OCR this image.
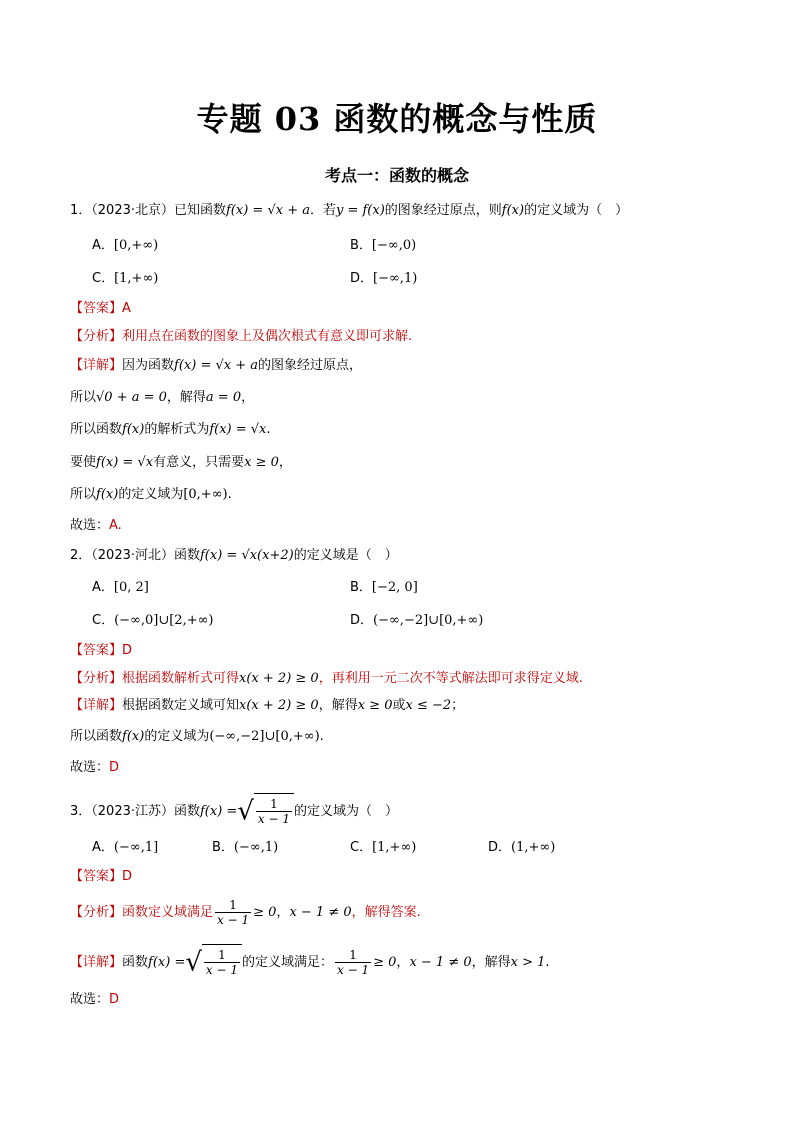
专题 03 函数的概念与性质
考点一：函数的概念
1．（2023·北京）已知函数f(x) = √x + a．若y = f(x)的图象经过原点，则f(x)的定义域为（　）
A．[0,+∞)	B．[−∞,0)
C．[1,+∞)	D．[−∞,1)
【答案】A
【分析】利用点在函数的图象上及偶次根式有意义即可求解.
【详解】因为函数f(x) = √x + a的图象经过原点，
所以√0 + a = 0，解得a = 0，
所以函数f(x)的解析式为f(x) = √x.
要使f(x) = √x有意义，只需要x ≥ 0，
所以f(x)的定义域为[0,+∞).
故选：A.
2．（2023·河北）函数f(x) = √x(x+2)的定义域是（　）
A．[0, 2]	B．[−2, 0]
C．(−∞,0]∪[2,+∞)	D．(−∞,−2]∪[0,+∞)
【答案】D
【分析】根据函数解析式可得x(x + 2) ≥ 0，再利用一元二次不等式解法即可求得定义域.
【详解】根据函数定义域可知x(x + 2) ≥ 0，解得x ≥ 0或x ≤ −2；
所以函数f(x)的定义域为(−∞,−2]∪[0,+∞).
故选：D
3．（2023·江苏）函数f(x) =√ $\frac{1}{x - 1}$ 的定义域为（　）
A．(−∞,1]	B．(−∞,1)	C．[1,+∞)	D．(1,+∞)
【答案】D
【分析】函数定义域满足 $\frac{1}{x - 1} \ge 0$，x − 1 ≠ 0，解得答案.
【详解】函数f(x) =√ $\frac{1}{x - 1}$ 的定义域满足： $\frac{1}{x - 1} \ge 0$，x − 1 ≠ 0，解得x > 1.
故选：D
